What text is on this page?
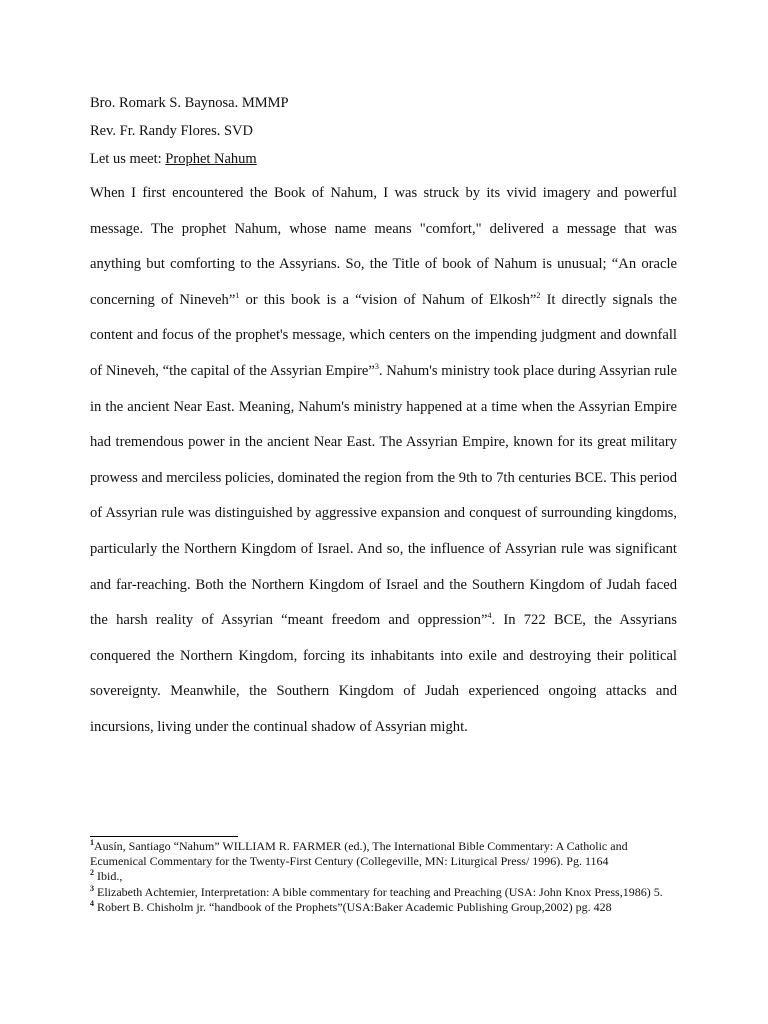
Bro. Romark S. Baynosa. MMMP
Rev. Fr. Randy Flores. SVD
Let us meet: Prophet Nahum

When I first encountered the Book of Nahum, I was struck by its vivid imagery and powerful message. The prophet Nahum, whose name means "comfort," delivered a message that was anything but comforting to the Assyrians. So, the Title of book of Nahum is unusual; “An oracle concerning of Nineveh”$^1$ or this book is a “vision of Nahum of Elkosh”$^2$ It directly signals the content and focus of the prophet's message, which centers on the impending judgment and downfall of Nineveh, “the capital of the Assyrian Empire”$^3$. Nahum's ministry took place during Assyrian rule in the ancient Near East. Meaning, Nahum's ministry happened at a time when the Assyrian Empire had tremendous power in the ancient Near East. The Assyrian Empire, known for its great military prowess and merciless policies, dominated the region from the 9th to 7th centuries BCE. This period of Assyrian rule was distinguished by aggressive expansion and conquest of surrounding kingdoms, particularly the Northern Kingdom of Israel. And so, the influence of Assyrian rule was significant and far-reaching. Both the Northern Kingdom of Israel and the Southern Kingdom of Judah faced the harsh reality of Assyrian “meant freedom and oppression”$^4$. In 722 BCE, the Assyrians conquered the Northern Kingdom, forcing its inhabitants into exile and destroying their political sovereignty. Meanwhile, the Southern Kingdom of Judah experienced ongoing attacks and incursions, living under the continual shadow of Assyrian might.

$^1$Ausín, Santiago “Nahum” WILLIAM R. FARMER (ed.), The International Bible Commentary: A Catholic and Ecumenical Commentary for the Twenty-First Century (Collegeville, MN: Liturgical Press/ 1996). Pg. 1164

$^2$ Ibid.,

$^3$ Elizabeth Achtemier, Interpretation: A bible commentary for teaching and Preaching (USA: John Knox Press,1986) 5.

$^4$ Robert B. Chisholm jr. “handbook of the Prophets”(USA:Baker Academic Publishing Group,2002) pg. 428
